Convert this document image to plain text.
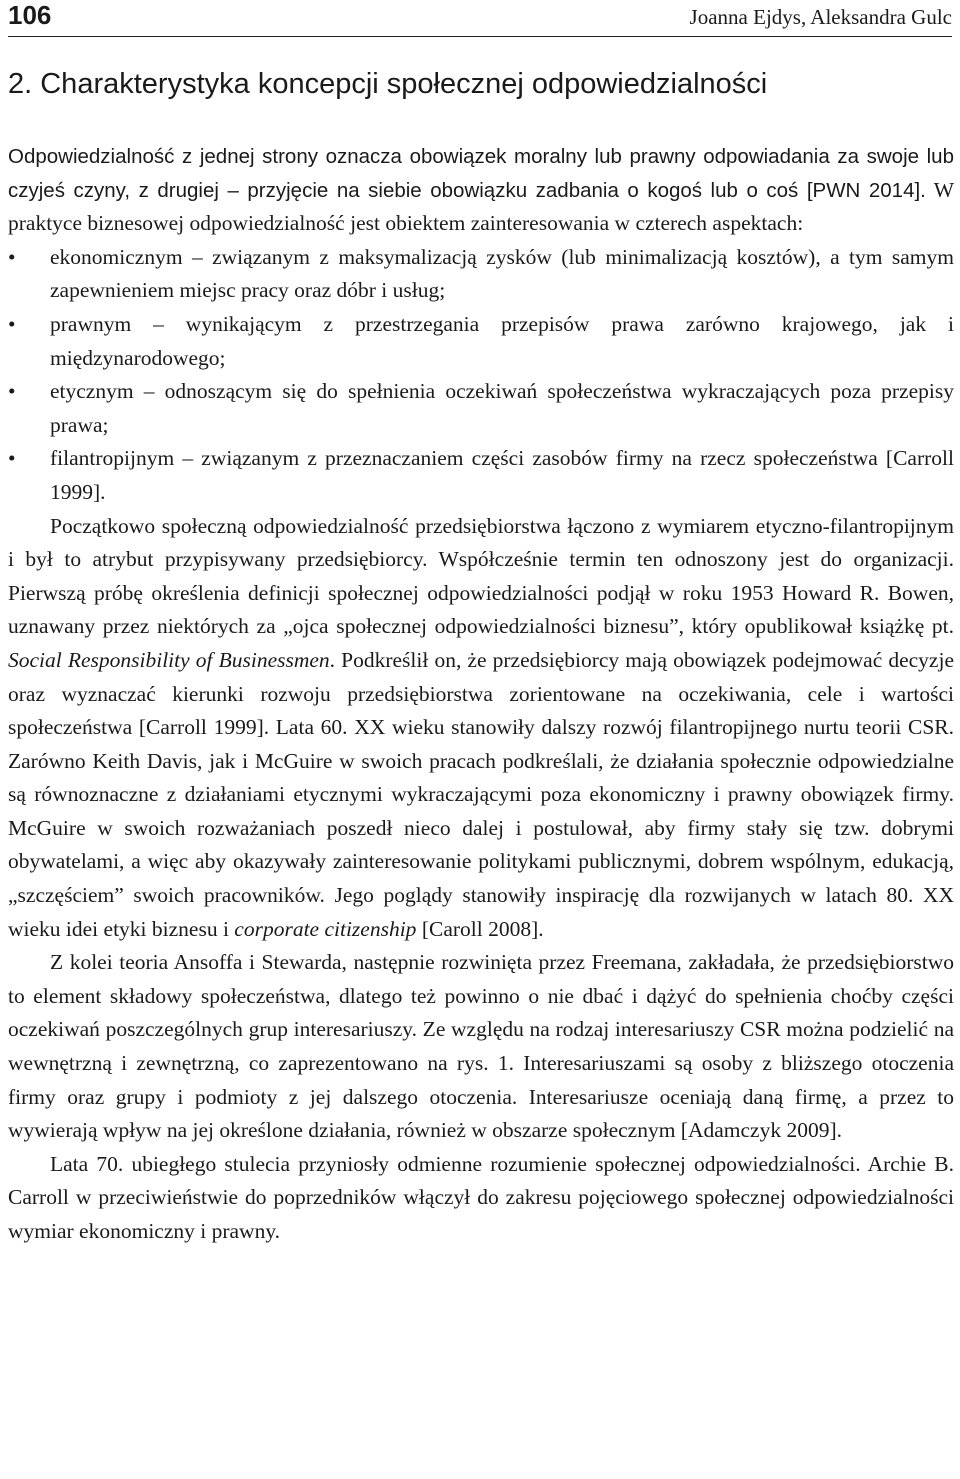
106	Joanna Ejdys, Aleksandra Gulc
2. Charakterystyka koncepcji społecznej odpowiedzialności

Odpowiedzialność z jednej strony oznacza obowiązek moralny lub prawny odpowiadania za swoje lub czyjeś czyny, z drugiej – przyjęcie na siebie obowiązku zadbania o kogoś lub o coś [PWN 2014]. W praktyce biznesowej odpowiedzialność jest obiektem zainteresowania w czterech aspektach:

• ekonomicznym – związanym z maksymalizacją zysków (lub minimalizacją kosztów), a tym samym zapewnieniem miejsc pracy oraz dóbr i usług;
• prawnym – wynikającym z przestrzegania przepisów prawa zarówno krajowego, jak i międzynarodowego;
• etycznym – odnoszącym się do spełnienia oczekiwań społeczeństwa wykraczających poza przepisy prawa;
• filantropijnym – związanym z przeznaczaniem części zasobów firmy na rzecz społeczeństwa [Carroll 1999].

Początkowo społeczną odpowiedzialność przedsiębiorstwa łączono z wymiarem etyczno-filantropijnym i był to atrybut przypisywany przedsiębiorcy. Współcześnie termin ten odnoszony jest do organizacji. Pierwszą próbę określenia definicji społecznej odpowiedzialności podjął w roku 1953 Howard R. Bowen, uznawany przez niektórych za „ojca społecznej odpowiedzialności biznesu”, który opublikował książkę pt. Social Responsibility of Businessmen. Podkreślił on, że przedsiębiorcy mają obowiązek podejmować decyzje oraz wyznaczać kierunki rozwoju przedsiębiorstwa zorientowane na oczekiwania, cele i wartości społeczeństwa [Carroll 1999]. Lata 60. XX wieku stanowiły dalszy rozwój filantropijnego nurtu teorii CSR. Zarówno Keith Davis, jak i McGuire w swoich pracach podkreślali, że działania społecznie odpowiedzialne są równoznaczne z działaniami etycznymi wykraczającymi poza ekonomiczny i prawny obowiązek firmy. McGuire w swoich rozważaniach poszedł nieco dalej i postulował, aby firmy stały się tzw. dobrymi obywatelami, a więc aby okazywały zainteresowanie politykami publicznymi, dobrem wspólnym, edukacją, „szczęściem” swoich pracowników. Jego poglądy stanowiły inspirację dla rozwijanych w latach 80. XX wieku idei etyki biznesu i corporate citizenship [Caroll 2008].

Z kolei teoria Ansoffa i Stewarda, następnie rozwinięta przez Freemana, zakładała, że przedsiębiorstwo to element składowy społeczeństwa, dlatego też powinno o nie dbać i dążyć do spełnienia choćby części oczekiwań poszczególnych grup interesariuszy. Ze względu na rodzaj interesariuszy CSR można podzielić na wewnętrzną i zewnętrzną, co zaprezentowano na rys. 1. Interesariuszami są osoby z bliższego otoczenia firmy oraz grupy i podmioty z jej dalszego otoczenia. Interesariusze oceniają daną firmę, a przez to wywierają wpływ na jej określone działania, również w obszarze społecznym [Adamczyk 2009].

Lata 70. ubiegłego stulecia przyniosły odmienne rozumienie społecznej odpowiedzialności. Archie B. Carroll w przeciwieństwie do poprzedników włączył do zakresu pojęciowego społecznej odpowiedzialności wymiar ekonomiczny i prawny.
